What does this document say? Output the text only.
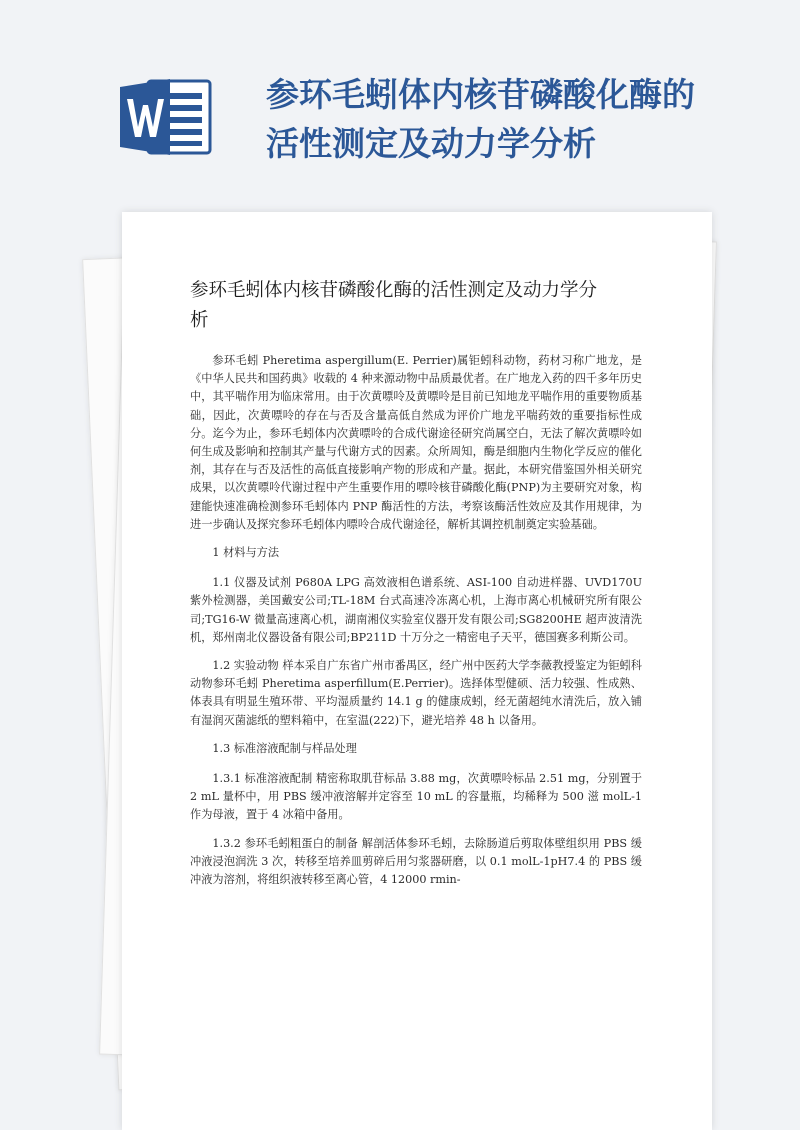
参环毛蚓体内核苷磷酸化酶的
活性测定及动力学分析
参环毛蚓体内核苷磷酸化酶的活性测定及动力学分
析

参环毛蚓 Pheretima aspergillum(E. Perrier)属钜蚓科动物，药材习称广地龙，是《中华人民共和国药典》收载的 4 种来源动物中品质最优者。在广地龙入药的四千多年历史中，其平喘作用为临床常用。由于次黄嘌呤及黄嘌呤是目前已知地龙平喘作用的重要物质基础，因此，次黄嘌呤的存在与否及含量高低自然成为评价广地龙平喘药效的重要指标性成分。迄今为止，参环毛蚓体内次黄嘌呤的合成代谢途径研究尚属空白，无法了解次黄嘌呤如何生成及影响和控制其产量与代谢方式的因素。众所周知，酶是细胞内生物化学反应的催化剂，其存在与否及活性的高低直接影响产物的形成和产量。据此，本研究借鉴国外相关研究成果，以次黄嘌呤代谢过程中产生重要作用的嘌呤核苷磷酸化酶(PNP)为主要研究对象，构建能快速准确检测参环毛蚓体内 PNP 酶活性的方法，考察该酶活性效应及其作用规律，为进一步确认及探究参环毛蚓体内嘌呤合成代谢途径，解析其调控机制奠定实验基础。

1 材料与方法

1.1 仪器及试剂 P680A LPG 高效液相色谱系统、ASI-100 自动进样器、UVD170U 紫外检测器，美国戴安公司;TL-18M 台式高速冷冻离心机，上海市离心机械研究所有限公司;TG16-W 微量高速离心机，湖南湘仪实验室仪器开发有限公司;SG8200HE 超声波清洗机，郑州南北仪器设备有限公司;BP211D 十万分之一精密电子天平，德国赛多利斯公司。

1.2 实验动物 样本采自广东省广州市番禺区，经广州中医药大学李薇教授鉴定为钜蚓科动物参环毛蚓 Pheretima asperfillum(E.Perrier)。选择体型健硕、活力较强、性成熟、体表具有明显生殖环带、平均湿质量约 14.1 g 的健康成蚓，经无菌超纯水清洗后，放入铺有湿润灭菌滤纸的塑料箱中，在室温(222)下，避光培养 48 h 以备用。

1.3 标准溶液配制与样品处理

1.3.1 标准溶液配制 精密称取肌苷标品 3.88 mg，次黄嘌呤标品 2.51 mg，分别置于 2 mL 量杯中，用 PBS 缓冲液溶解并定容至 10 mL 的容量瓶，均稀释为 500 滋 molL-1 作为母液，置于 4 冰箱中备用。

1.3.2 参环毛蚓粗蛋白的制备 解剖活体参环毛蚓，去除肠道后剪取体壁组织用 PBS 缓冲液浸泡润洗 3 次，转移至培养皿剪碎后用匀浆器研磨，以 0.1 molL-1pH7.4 的 PBS 缓冲液为溶剂，将组织液转移至离心管，4 12000 rmin-
